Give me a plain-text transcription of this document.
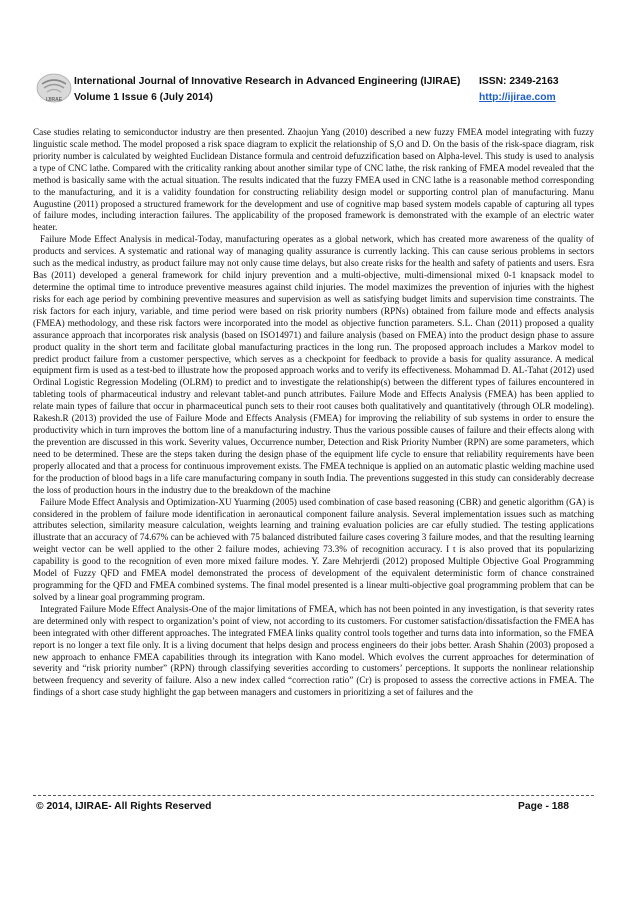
IJIRAE
International Journal of Innovative Research in Advanced Engineering (IJIRAE)
Volume 1 Issue 6 (July 2014)
ISSN: 2349-2163
http://ijirae.com

Case studies relating to semiconductor industry are then presented. Zhaojun Yang (2010) described a new fuzzy FMEA model integrating with fuzzy linguistic scale method. The model proposed a risk space diagram to explicit the relationship of S,O and D. On the basis of the risk-space diagram, risk priority number is calculated by weighted Euclidean Distance formula and centroid defuzzification based on Alpha-level. This study is used to analysis a type of CNC lathe. Compared with the criticality ranking about another similar type of CNC lathe, the risk ranking of FMEA model revealed that the method is basically same with the actual situation. The results indicated that the fuzzy FMEA used in CNC lathe is a reasonable method corresponding to the manufacturing, and it is a validity foundation for constructing reliability design model or supporting control plan of manufacturing. Manu Augustine (2011) proposed a structured framework for the development and use of cognitive map based system models capable of capturing all types of failure modes, including interaction failures. The applicability of the proposed framework is demonstrated with the example of an electric water heater.

Failure Mode Effect Analysis in medical-Today, manufacturing operates as a global network, which has created more awareness of the quality of products and services. A systematic and rational way of managing quality assurance is currently lacking. This can cause serious problems in sectors such as the medical industry, as product failure may not only cause time delays, but also create risks for the health and safety of patients and users. Esra Bas (2011) developed a general framework for child injury prevention and a multi-objective, multi-dimensional mixed 0-1 knapsack model to determine the optimal time to introduce preventive measures against child injuries. The model maximizes the prevention of injuries with the highest risks for each age period by combining preventive measures and supervision as well as satisfying budget limits and supervision time constraints. The risk factors for each injury, variable, and time period were based on risk priority numbers (RPNs) obtained from failure mode and effects analysis (FMEA) methodology, and these risk factors were incorporated into the model as objective function parameters. S.L. Chan (2011) proposed a quality assurance approach that incorporates risk analysis (based on ISO14971) and failure analysis (based on FMEA) into the product design phase to assure product quality in the short term and facilitate global manufacturing practices in the long run. The proposed approach includes a Markov model to predict product failure from a customer perspective, which serves as a checkpoint for feedback to provide a basis for quality assurance. A medical equipment firm is used as a test-bed to illustrate how the proposed approach works and to verify its effectiveness. Mohammad D. AL-Tahat (2012) used Ordinal Logistic Regression Modeling (OLRM) to predict and to investigate the relationship(s) between the different types of failures encountered in tableting tools of pharmaceutical industry and relevant tablet-and punch attributes. Failure Mode and Effects Analysis (FMEA) has been applied to relate main types of failure that occur in pharmaceutical punch sets to their root causes both qualitatively and quantitatively (through OLR modeling). Rakesh.R (2013) provided the use of Failure Mode and Effects Analysis (FMEA) for improving the reliability of sub systems in order to ensure the productivity which in turn improves the bottom line of a manufacturing industry. Thus the various possible causes of failure and their effects along with the prevention are discussed in this work. Severity values, Occurrence number, Detection and Risk Priority Number (RPN) are some parameters, which need to be determined. These are the steps taken during the design phase of the equipment life cycle to ensure that reliability requirements have been properly allocated and that a process for continuous improvement exists. The FMEA technique is applied on an automatic plastic welding machine used for the production of blood bags in a life care manufacturing company in south India. The preventions suggested in this study can considerably decrease the loss of production hours in the industry due to the breakdown of the machine

Failure Mode Effect Analysis and Optimization-XU Yuarming (2005) used combination of case based reasoning (CBR) and genetic algorithm (GA) is considered in the problem of failure mode identification in aeronautical component failure analysis. Several implementation issues such as matching attributes selection, similarity measure calculation, weights learning and training evaluation policies are car efully studied. The testing applications illustrate that an accuracy of 74.67% can be achieved with 75 balanced distributed failure cases covering 3 failure modes, and that the resulting learning weight vector can be well applied to the other 2 failure modes, achieving 73.3% of recognition accuracy. I t is also proved that its popularizing capability is good to the recognition of even more mixed failure modes. Y. Zare Mehrjerdi (2012) proposed Multiple Objective Goal Programming Model of Fuzzy QFD and FMEA model demonstrated the process of development of the equivalent deterministic form of chance constrained programming for the QFD and FMEA combined systems. The final model presented is a linear multi-objective goal programming problem that can be solved by a linear goal programming program.

Integrated Failure Mode Effect Analysis-One of the major limitations of FMEA, which has not been pointed in any investigation, is that severity rates are determined only with respect to organization’s point of view, not according to its customers. For customer satisfaction/dissatisfaction the FMEA has been integrated with other different approaches. The integrated FMEA links quality control tools together and turns data into information, so the FMEA report is no longer a text file only. It is a living document that helps design and process engineers do their jobs better. Arash Shahin (2003) proposed a new approach to enhance FMEA capabilities through its integration with Kano model. Which evolves the current approaches for determination of severity and “risk priority number” (RPN) through classifying severities according to customers’ perceptions. It supports the nonlinear relationship between frequency and severity of failure. Also a new index called “correction ratio” (Cr) is proposed to assess the corrective actions in FMEA. The findings of a short case study highlight the gap between managers and customers in prioritizing a set of failures and the

© 2014, IJIRAE- All Rights Reserved	Page - 188
